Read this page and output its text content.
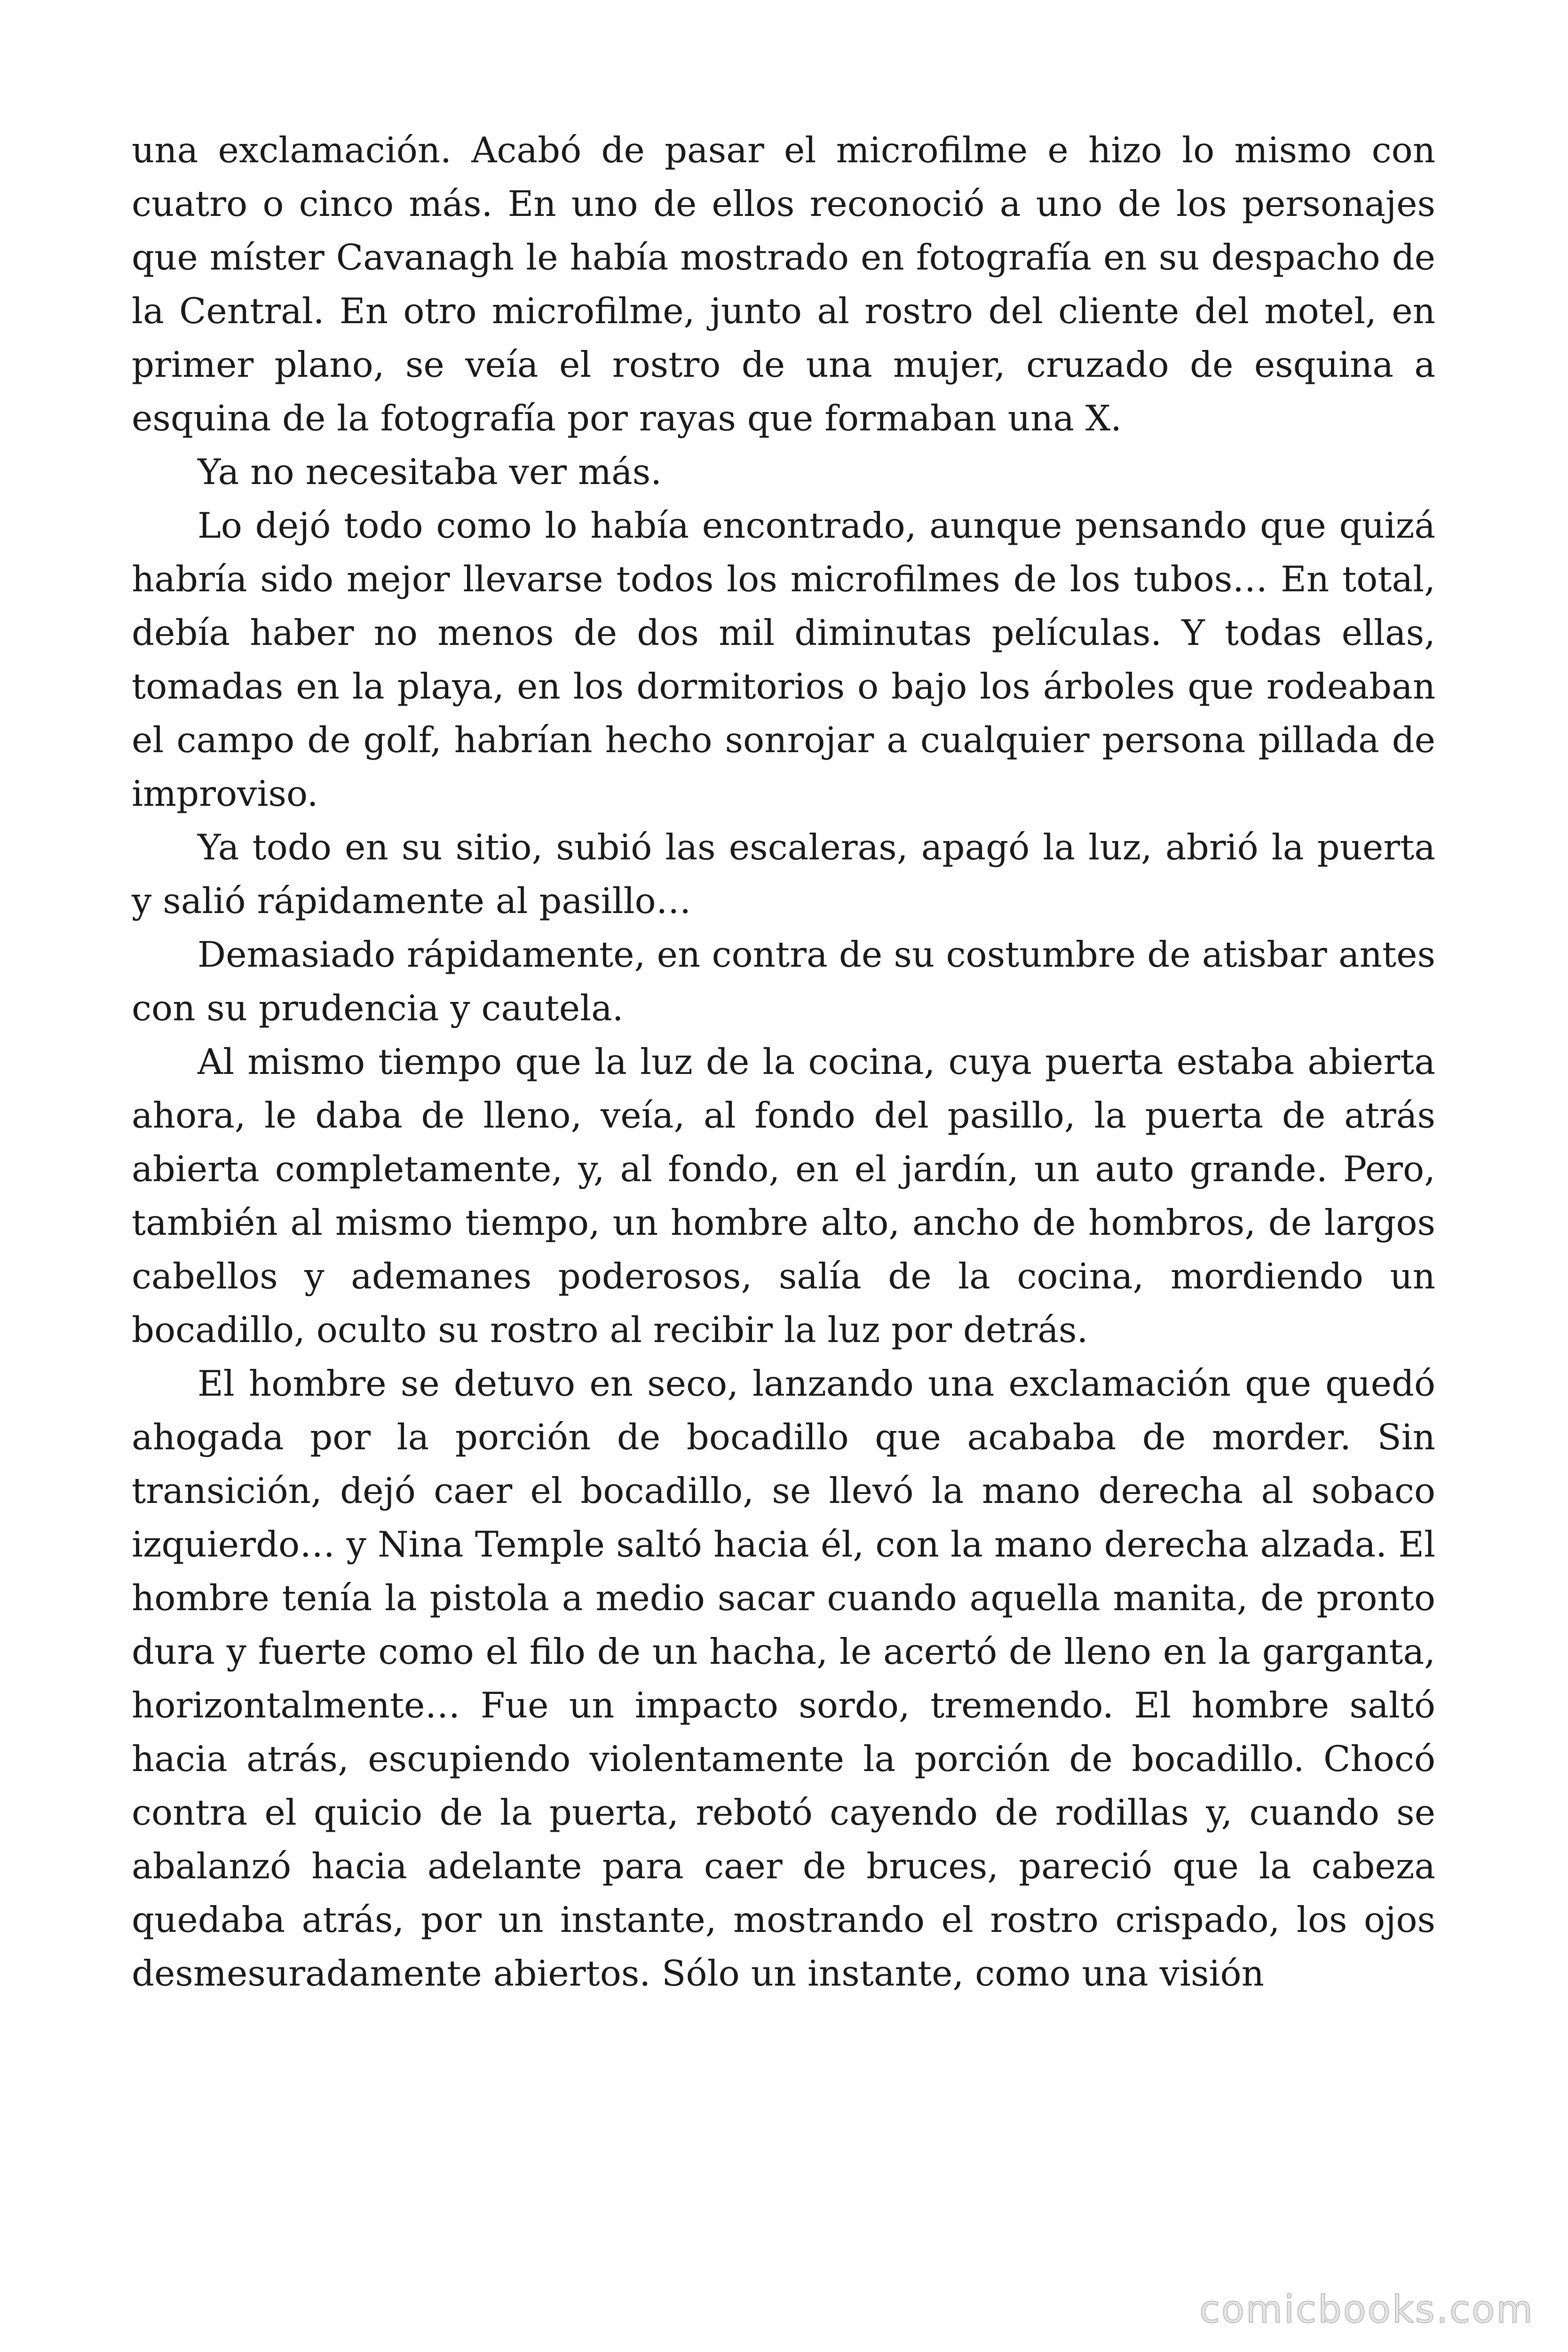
una exclamación. Acabó de pasar el microfilme e hizo lo mismo con cuatro o cinco más. En uno de ellos reconoció a uno de los personajes que míster Cavanagh le había mostrado en fotografía en su despacho de la Central. En otro microfilme, junto al rostro del cliente del motel, en primer plano, se veía el rostro de una mujer, cruzado de esquina a esquina de la fotografía por rayas que formaban una X.

Ya no necesitaba ver más.

Lo dejó todo como lo había encontrado, aunque pensando que quizá habría sido mejor llevarse todos los microfilmes de los tubos… En total, debía haber no menos de dos mil diminutas películas. Y todas ellas, tomadas en la playa, en los dormitorios o bajo los árboles que rodeaban el campo de golf, habrían hecho sonrojar a cualquier persona pillada de improviso.

Ya todo en su sitio, subió las escaleras, apagó la luz, abrió la puerta y salió rápidamente al pasillo…

Demasiado rápidamente, en contra de su costumbre de atisbar antes con su prudencia y cautela.

Al mismo tiempo que la luz de la cocina, cuya puerta estaba abierta ahora, le daba de lleno, veía, al fondo del pasillo, la puerta de atrás abierta completamente, y, al fondo, en el jardín, un auto grande. Pero, también al mismo tiempo, un hombre alto, ancho de hombros, de largos cabellos y ademanes poderosos, salía de la cocina, mordiendo un bocadillo, oculto su rostro al recibir la luz por detrás.

El hombre se detuvo en seco, lanzando una exclamación que quedó ahogada por la porción de bocadillo que acababa de morder. Sin transición, dejó caer el bocadillo, se llevó la mano derecha al sobaco izquierdo… y Nina Temple saltó hacia él, con la mano derecha alzada. El hombre tenía la pistola a medio sacar cuando aquella manita, de pronto dura y fuerte como el filo de un hacha, le acertó de lleno en la garganta, horizontalmente… Fue un impacto sordo, tremendo. El hombre saltó hacia atrás, escupiendo violentamente la porción de bocadillo. Chocó contra el quicio de la puerta, rebotó cayendo de rodillas y, cuando se abalanzó hacia adelante para caer de bruces, pareció que la cabeza quedaba atrás, por un instante, mostrando el rostro crispado, los ojos desmesuradamente abiertos. Sólo un instante, como una visión

comicbooks.com
